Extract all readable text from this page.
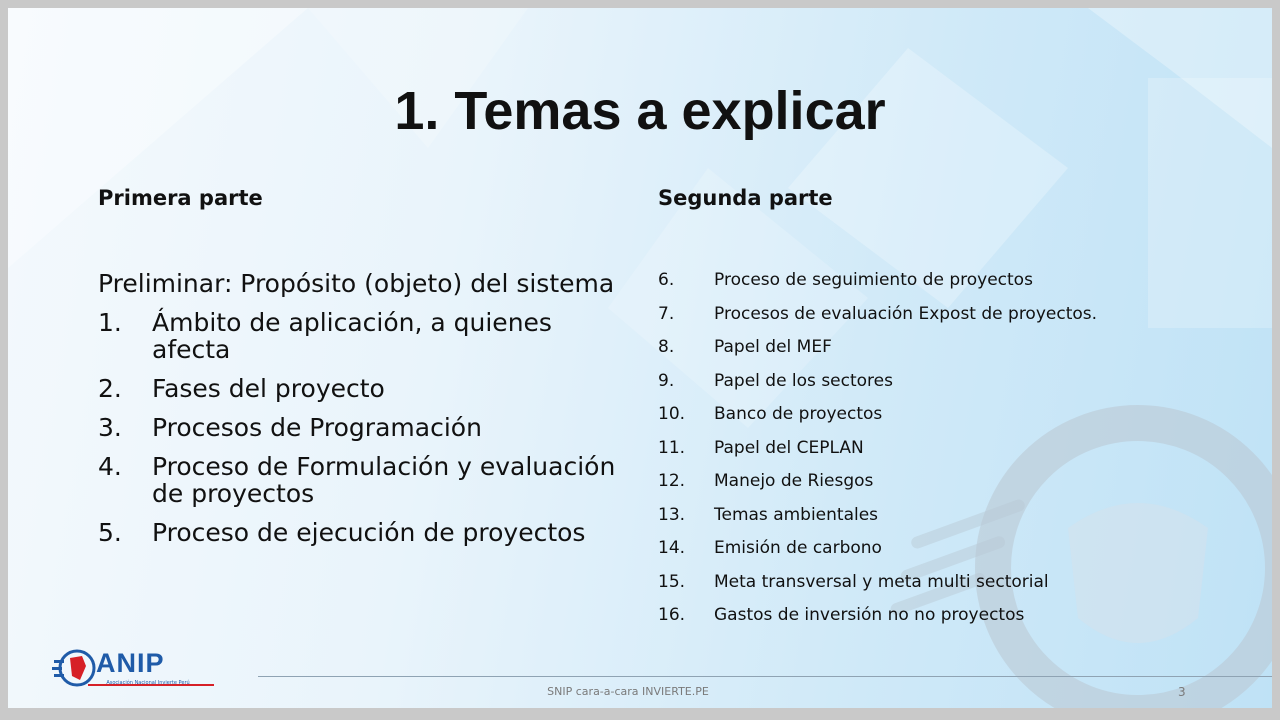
1. Temas a explicar
Primera parte	Segunda parte
Preliminar: Propósito (objeto) del sistema
1.	Ámbito de aplicación, a quienes afecta
2.	Fases del proyecto
3.	Procesos de Programación
4.	Proceso de Formulación y evaluación de proyectos
5.	Proceso de ejecución de proyectos
6.	Proceso de seguimiento de proyectos
7.	Procesos de evaluación Expost de proyectos.
8.	Papel del MEF
9.	Papel de los sectores
10.	Banco de proyectos
11.	Papel del CEPLAN
12.	Manejo de Riesgos
13.	Temas ambientales
14.	Emisión de carbono
15.	Meta transversal y meta multi sectorial
16.	Gastos de inversión no no proyectos
ANIP
Asociación Nacional Invierte Perú
SNIP cara-a-cara INVIERTE.PE	3
